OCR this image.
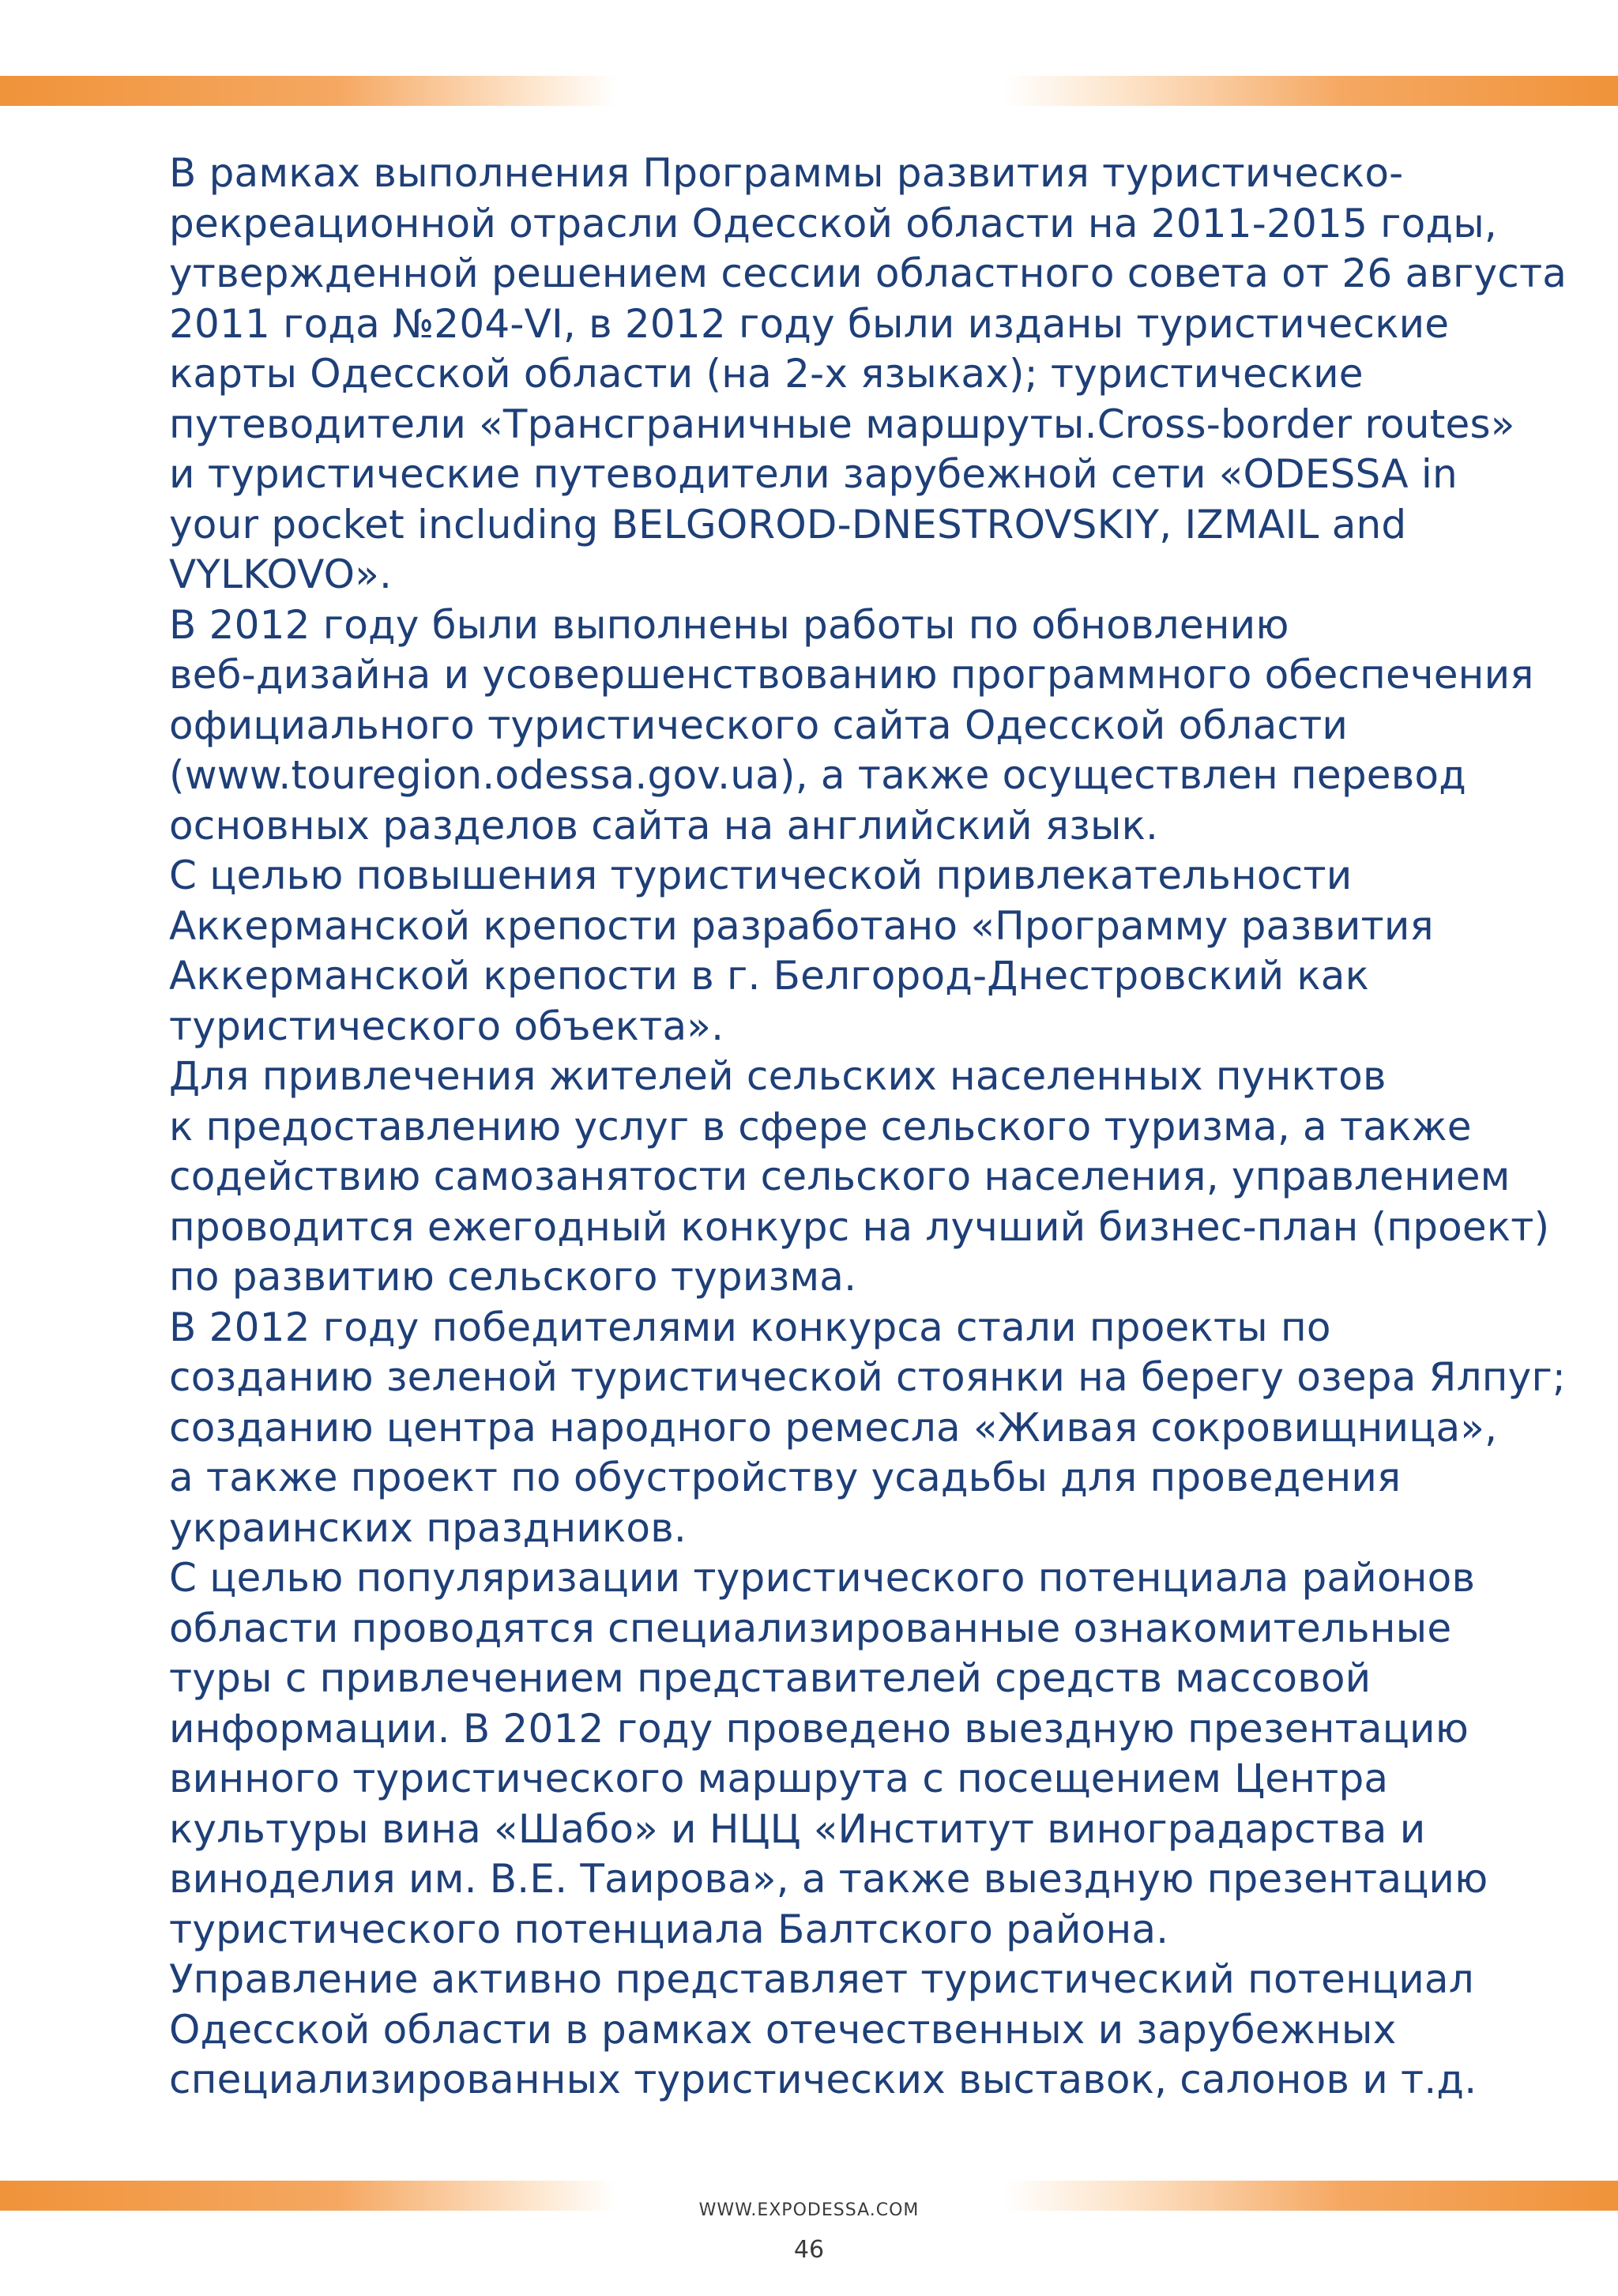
В рамках выполнения Программы развития туристическо-
рекреационной отрасли Одесской области на 2011-2015 годы,
утвержденной решением сессии областного совета от 26 августа
2011 года №204-VI, в 2012 году были изданы туристические
карты Одесской области (на 2-х языках); туристические
путеводители «Трансграничные маршруты.Cross-border routes»
и туристические путеводители зарубежной сети «ODESSA in
your pocket including BELGOROD-DNESTROVSKIY, IZMAIL and
VYLKOVO».

В 2012 году были выполнены работы по обновлению
веб-дизайна и усовершенствованию программного обеспечения
официального туристического сайта Одесской области
(www.touregion.odessa.gov.ua), а также осуществлен перевод
основных разделов сайта на английский язык.

С целью повышения туристической привлекательности
Аккерманской крепости разработано «Программу развития
Аккерманской крепости в г. Белгород-Днестровский как
туристического объекта».

Для привлечения жителей сельских населенных пунктов
к предоставлению услуг в сфере сельского туризма, а также
содействию самозанятости сельского населения, управлением
проводится ежегодный конкурс на лучший бизнес-план (проект)
по развитию сельского туризма.

В 2012 году победителями конкурса стали проекты по
созданию зеленой туристической стоянки на берегу озера Ялпуг;
созданию центра народного ремесла «Живая сокровищница»,
а также проект по обустройству усадьбы для проведения
украинских праздников.

С целью популяризации туристического потенциала районов
области проводятся специализированные ознакомительные
туры с привлечением представителей средств массовой
информации. В 2012 году проведено выездную презентацию
винного туристического маршрута с посещением Центра
культуры вина «Шабо» и НЦЦ «Институт виноградарства и
виноделия им. В.Е. Таирова», а также выездную презентацию
туристического потенциала Балтского района.

Управление активно представляет туристический потенциал
Одесской области в рамках отечественных и зарубежных
специализированных туристических выставок, салонов и т.д.

WWW.EXPODESSA.COM
46
